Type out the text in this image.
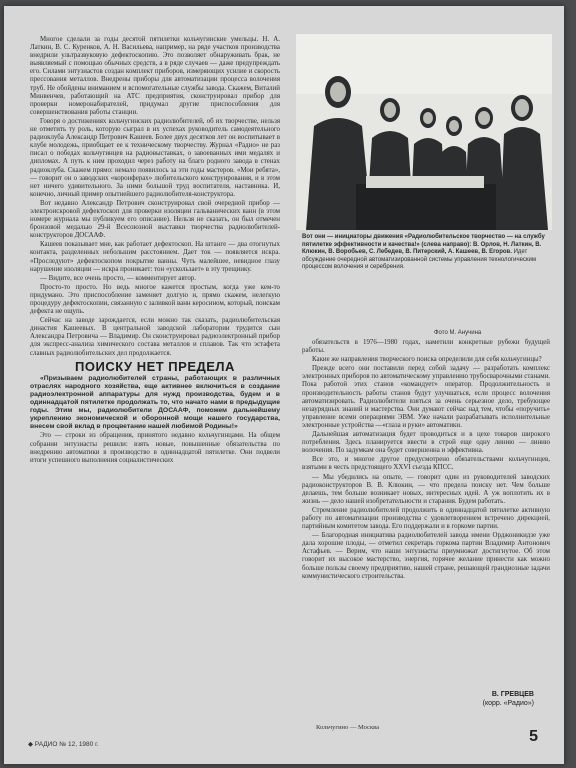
Многое сделали за годы десятой пятилетки кольчугинские умельцы. Н. А. Латкин, В. С. Куренков, А. Н. Васильева, например, на ряде участков производства внедрили ультразвуковую дефектоскопию. Это позволяет обнаруживать брак, не выявляемый с помощью обычных средств, а в ряде случаев — даже предупреждать его. Силами энтузиастов создан комплект приборов, измеряющих усилие и скорость прессования металлов. Внедрены приборы для автоматизации процесса волочения труб. Не обойдены вниманием и вспомогательные службы завода. Скажем, Виталий Минвенчев, работающий на АТС предприятия, сконструировал прибор для проверки номеронабирателей, придумал другие приспособления для совершенствования работы станции.

Говоря о достижениях кольчугинских радиолюбителей, об их творчестве, нельзя не отметить ту роль, которую сыграл в их успехах руководитель самодеятельного радиоклуба Александр Петрович Кашеев. Более двух десятков лет он воспитывает в клубе молодежь, приобщает ее к техническому творчеству. Журнал «Радио» не раз писал о победах кольчугинцев на радиовыставках, о завоеванных ими медалях и дипломах. А путь к ним проходил через работу на благо родного завода в стенах радиоклуба. Скажем прямо: немало появилось за эти годы мастеров. «Мои ребята», — говорит он о заводских «коронферах» любительского конструирования, и в этом нет ничего удивительного. За ними большой труд воспитателя, наставника. И, конечно, личный пример опытнейшего радиолюбителя-конструктора.

Вот недавно Александр Петрович сконструировал свой очередной прибор — электроискровой дефектоскоп для проверки изоляции гальванических ванн (в этом номере журнала мы публикуем его описание). Нельзя не сказать, он был отмечен бронзовой медалью 29-й Всесоюзной выставки творчества радиолюбителей-конструкторов ДОСААФ.

Кашеев показывает мне, как работает дефектоскоп. На штанге — два отогнутых контакта, разделенных небольшим расстоянием. Дает ток — появляется искра. «Проследуют» дефектоскопом покрытие ванны. Чуть малейшее, невидное глазу нарушение изоляции — искра проникает: тон «ускользает» в эту трещинку.

— Видите, все очень просто, — комментирует автор.

Просто-то просто. Но ведь многое кажется простым, когда уже кем-то придумано. Это приспособление заменяет долгую и, прямо скажем, нелегкую процедуру дефектоскопии, связанную с заливкой ванн керосином, который, поискам дефекта не ощупь.

Сейчас на заводе зарождается, если можно так сказать, радиолюбительская династия Кашеевых. В центральной заводской лаборатории трудится сын Александра Петровича — Владимир. Он сконструировал радиоэлектронный прибор для экспресс-анализа химического состава металлов и сплавов. Так что эстафета славных радиолюбительских дел продолжается.

ПОИСКУ НЕТ ПРЕДЕЛА

«Призываем радиолюбителей страны, работающих в различных отраслях народного хозяйства, еще активнее включиться в создание радиоэлектронной аппаратуры для нужд производства, будем и в одиннадцатой пятилетке продолжать то, что начато нами в предыдущие годы. Этим мы, радиолюбители ДОСААФ, поможем дальнейшему укреплению экономической и оборонной мощи нашего государства, внесем свой вклад в процветание нашей любимой Родины!»

Это — строки из обращения, принятого недавно кольчугинцами. На общем собрании энтузиасты решили: взять новые, повышенные обязательства по внедрению автоматики в производство в одиннадцатой пятилетке. Они подвели итоги успешного выполнения социалистических

Вот они — инициаторы движения «Радиолюбительское творчество — на службу пятилетке эффективности и качества!» (слева направо): В. Орлов, Н. Латкин, В. Клюкин, В. Воробьев, С. Лебедев, В. Питерский, А. Кашеев, В. Егоров. Идет обсуждение очередной автоматизированной системы управления технологическим процессом волочения и серебрения.
Фото М. Анучина

обязательств в 1976—1980 годах, наметили конкретные рубежи будущей работы.

Какие же направления творческого поиска определили для себя кольчугинцы?

Прежде всего они поставили перед собой задачу — разработать комплекс электронных приборов по автоматическому управлению трубосварочными станами. Пока работой этих станов «командует» оператор. Продолжительность и производительность работы станов будут улучшаться, если процесс волочения автоматизировать. Радиолюбители взяться за очень серьезное дело, требующее незаурядных знаний и мастерства. Они думают сейчас над тем, чтобы «поручить» управление всеми операциями ЭВМ. Уже начали разрабатывать исполнительные электронные устройства —«глаза и руки» автоматики.

Дальнейшая автоматизация будет проводиться и в цехе товаров широкого потребления. Здесь планируется ввести в строй еще одну линию — линию волочения. По задумкам она будет совершенна и эффективна.

Все это, и многое другое предусмотрено обязательствами кольчугинцев, взятыми в честь предстоящего XXVI съезда КПСС.

— Мы убедились на опыте, — говорит один из руководителей заводских радиоконструкторов В. В. Клюкин, — что предела поиску нет. Чем больше делаешь, тем больше возникает новых, интересных идей. А уж воплотить их в жизнь — дело нашей изобретательности и старания. Будем работать.

Стремление радиолюбителей продолжить в одиннадцатой пятилетке активную работу по автоматизации производства с удовлетворением встречено дирекцией, партийным комитетом завода. Его поддержали и в горкоме партии.

— Благородная инициатива радиолюбителей завода имени Орджоникидзе уже дала хорошие плоды, — отметил секретарь горкома партии Владимир Антонович Астафьев. — Верим, что наши энтузиасты приумножат достигнутое. Об этом говорит их высокое мастерство, энергия, горячее желание принести как можно больше пользы своему предприятию, нашей стране, решающей грандиозные задачи коммунистического строительства.

В. ГРЕВЦЕВ
(корр. «Радио»)
Кольчугино — Москва
◆ РАДИО № 12, 1980 г.	5
